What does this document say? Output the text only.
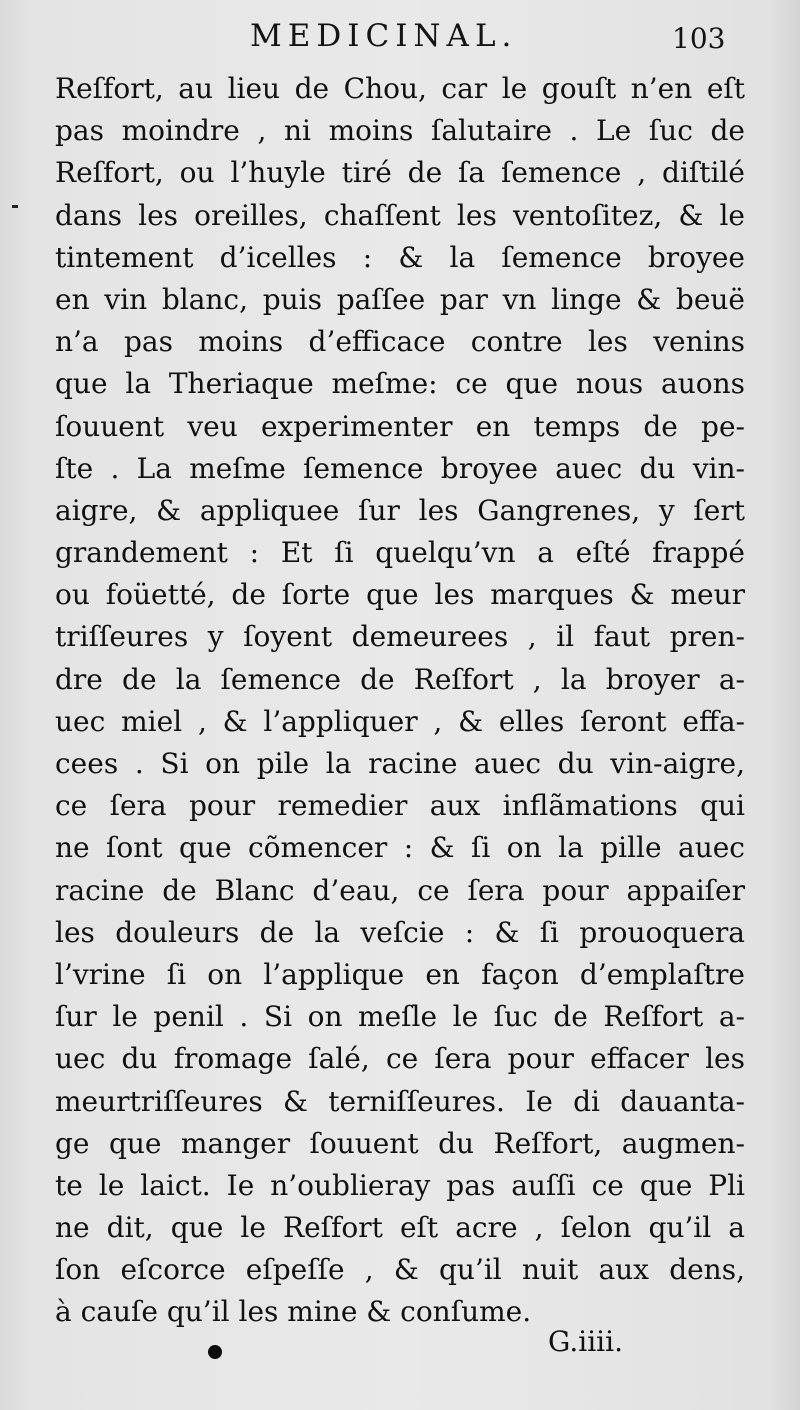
MEDICINAL.	103
Reſfort, au lieu de Chou, car le gouſt n’en eſt
pas moindre , ni moins ſalutaire . Le ſuc de
Reſfort, ou l’huyle tiré de ſa ſemence , diſtilé
dans les oreilles, chaſſent les ventoſitez, & le
tintement d’icelles : & la ſemence broyee
en vin blanc, puis paſſee par vn linge & beuë
n’a pas moins d’efficace contre les venins
que la Theriaque meſme: ce que nous auons
ſouuent veu experimenter en temps de pe-
ſte . La meſme ſemence broyee auec du vin-
aigre, & appliquee ſur les Gangrenes, y ſert
grandement : Et ſi quelqu’vn a eſté frappé
ou foüetté, de ſorte que les marques & meur
triſſeures y ſoyent demeurees , il faut pren-
dre de la ſemence de Reſfort , la broyer a-
uec miel , & l’appliquer , & elles ſeront effa-
cees . Si on pile la racine auec du vin-aigre,
ce ſera pour remedier aux inflãmations qui
ne ſont que cõmencer : & ſi on la pille auec
racine de Blanc d’eau, ce ſera pour appaiſer
les douleurs de la veſcie : & ſi prouoquera
l’vrine ſi on l’applique en façon d’emplaſtre
ſur le penil . Si on meſle le ſuc de Reſfort a-
uec du fromage ſalé, ce ſera pour effacer les
meurtriſſeures & terniſſeures. Ie di dauanta-
ge que manger ſouuent du Reſfort, augmen-
te le laict. Ie n’oublieray pas auſſi ce que Pli
ne dit, que le Reſfort eſt acre , ſelon qu’il a
ſon eſcorce eſpeſſe , & qu’il nuit aux dens,
à cauſe qu’il les mine & conſume.
G.iiii.
